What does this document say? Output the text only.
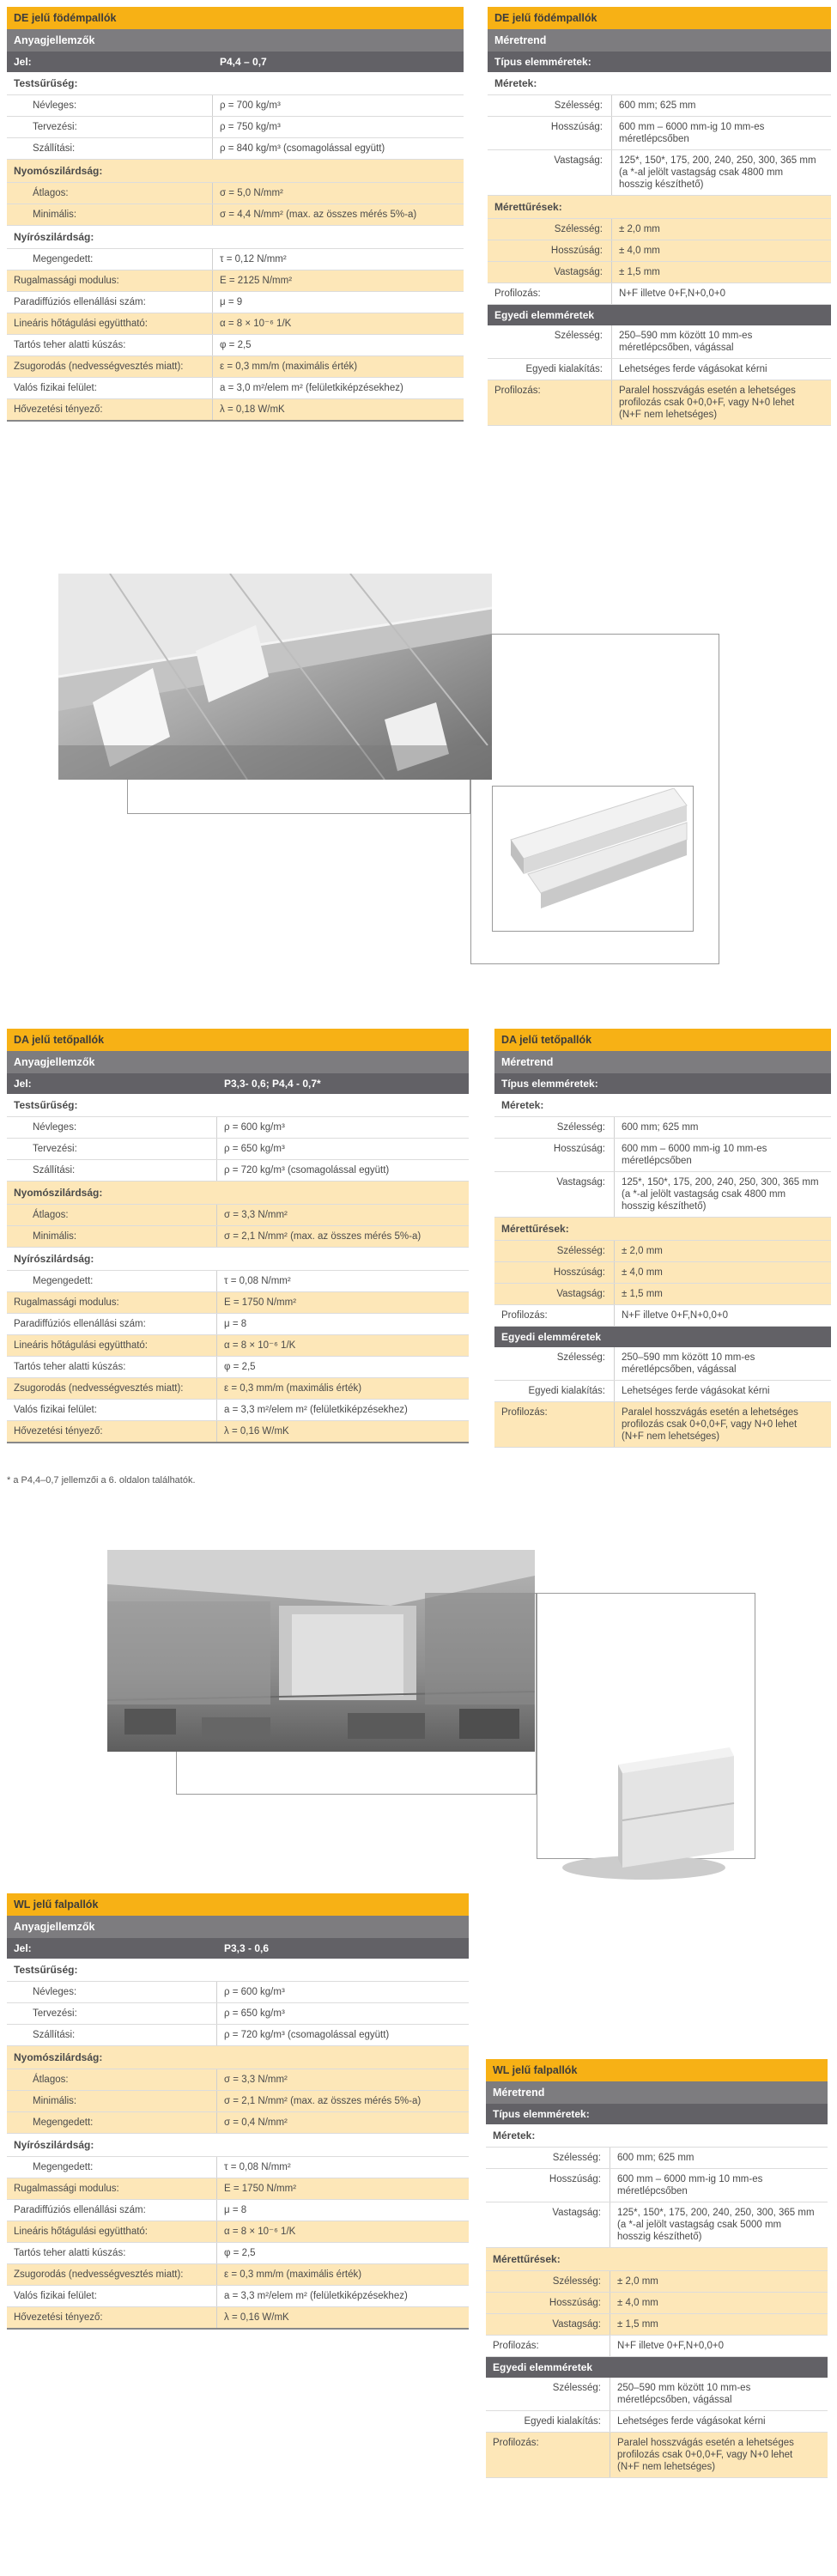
DE jelű födémpallók
Anyagjellemzők
Jel:	P4,4 – 0,7
Testsűrűség:
Névleges:	ρ = 700 kg/m³
Tervezési:	ρ = 750 kg/m³
Szállítási:	ρ = 840 kg/m³ (csomagolással együtt)
Nyomószilárdság:
Átlagos:	σ = 5,0 N/mm²
Minimális:	σ = 4,4 N/mm² (max. az összes mérés 5%-a)
Nyírószilárdság:
Megengedett:	τ = 0,12 N/mm²
Rugalmassági modulus:	E = 2125 N/mm²
Paradiffúziós ellenállási szám:	μ = 9
Lineáris hőtágulási együttható:	α = 8 × 10⁻⁶ 1/K
Tartós teher alatti kúszás:	φ = 2,5
Zsugorodás (nedvességvesztés miatt):	ε = 0,3 mm/m (maximális érték)
Valós fizikai felület:	a = 3,0 m²/elem m² (felületkiképzésekhez)
Hővezetési tényező:	λ = 0,18 W/mK
DE jelű födémpallók
Méretrend
Típus elemméretek:
Méretek:
Szélesség:	600 mm; 625 mm
Hosszúság:	600 mm – 6000 mm-ig 10 mm-es méretlépcsőben
Vastagság:	125*, 150*, 175, 200, 240, 250, 300, 365 mm (a *-al jelölt vastagság csak 4800 mm hosszig készíthető)
Mérettűrések:
Szélesség:	± 2,0 mm
Hosszúság:	± 4,0 mm
Vastagság:	± 1,5 mm
Profilozás:	N+F illetve 0+F,N+0,0+0
Egyedi elemméretek
Szélesség:	250–590 mm között 10 mm-es méretlépcsőben, vágással
Egyedi kialakítás:	Lehetséges ferde vágásokat kérni
Profilozás:	Paralel hosszvágás esetén a lehetséges profilozás csak 0+0,0+F, vagy N+0 lehet (N+F nem lehetséges)
DA jelű tetőpallók
Anyagjellemzők
Jel:	P3,3- 0,6; P4,4 - 0,7*
Testsűrűség:
Névleges:	ρ = 600 kg/m³
Tervezési:	ρ = 650 kg/m³
Szállítási:	ρ = 720 kg/m³ (csomagolással együtt)
Nyomószilárdság:
Átlagos:	σ = 3,3 N/mm²
Minimális:	σ = 2,1 N/mm² (max. az összes mérés 5%-a)
Nyírószilárdság:
Megengedett:	τ = 0,08 N/mm²
Rugalmassági modulus:	E = 1750 N/mm²
Paradiffúziós ellenállási szám:	μ = 8
Lineáris hőtágulási együttható:	α = 8 × 10⁻⁶ 1/K
Tartós teher alatti kúszás:	φ = 2,5
Zsugorodás (nedvességvesztés miatt):	ε = 0,3 mm/m (maximális érték)
Valós fizikai felület:	a = 3,3 m²/elem m² (felületkiképzésekhez)
Hővezetési tényező:	λ = 0,16 W/mK
* a P4,4–0,7 jellemzői a 6. oldalon találhatók.
DA jelű tetőpallók
Méretrend
Típus elemméretek:
Méretek:
Szélesség:	600 mm; 625 mm
Hosszúság:	600 mm – 6000 mm-ig 10 mm-es méretlépcsőben
Vastagság:	125*, 150*, 175, 200, 240, 250, 300, 365 mm (a *-al jelölt vastagság csak 4800 mm hosszig készíthető)
Mérettűrések:
Szélesség:	± 2,0 mm
Hosszúság:	± 4,0 mm
Vastagság:	± 1,5 mm
Profilozás:	N+F illetve 0+F,N+0,0+0
Egyedi elemméretek
Szélesség:	250–590 mm között 10 mm-es méretlépcsőben, vágással
Egyedi kialakítás:	Lehetséges ferde vágásokat kérni
Profilozás:	Paralel hosszvágás esetén a lehetséges profilozás csak 0+0,0+F, vagy N+0 lehet (N+F nem lehetséges)
WL jelű falpallók
Anyagjellemzők
Jel:	P3,3 - 0,6
Testsűrűség:
Névleges:	ρ = 600 kg/m³
Tervezési:	ρ = 650 kg/m³
Szállítási:	ρ = 720 kg/m³ (csomagolással együtt)
Nyomószilárdság:
Átlagos:	σ = 3,3 N/mm²
Minimális:	σ = 2,1 N/mm² (max. az összes mérés 5%-a)
Megengedett:	σ = 0,4 N/mm²
Nyírószilárdság:
Megengedett:	τ = 0,08 N/mm²
Rugalmassági modulus:	E = 1750 N/mm²
Paradiffúziós ellenállási szám:	μ = 8
Lineáris hőtágulási együttható:	α = 8 × 10⁻⁶ 1/K
Tartós teher alatti kúszás:	φ = 2,5
Zsugorodás (nedvességvesztés miatt):	ε = 0,3 mm/m (maximális érték)
Valós fizikai felület:	a = 3,3 m²/elem m² (felületkiképzésekhez)
Hővezetési tényező:	λ = 0,16 W/mK
WL jelű falpallók
Méretrend
Típus elemméretek:
Méretek:
Szélesség:	600 mm; 625 mm
Hosszúság:	600 mm – 6000 mm-ig 10 mm-es méretlépcsőben
Vastagság:	125*, 150*, 175, 200, 240, 250, 300, 365 mm (a *-al jelölt vastagság csak 5000 mm hosszig készíthető)
Mérettűrések:
Szélesség:	± 2,0 mm
Hosszúság:	± 4,0 mm
Vastagság:	± 1,5 mm
Profilozás:	N+F illetve 0+F,N+0,0+0
Egyedi elemméretek
Szélesség:	250–590 mm között 10 mm-es méretlépcsőben, vágással
Egyedi kialakítás:	Lehetséges ferde vágásokat kérni
Profilozás:	Paralel hosszvágás esetén a lehetséges profilozás csak 0+0,0+F, vagy N+0 lehet (N+F nem lehetséges)
